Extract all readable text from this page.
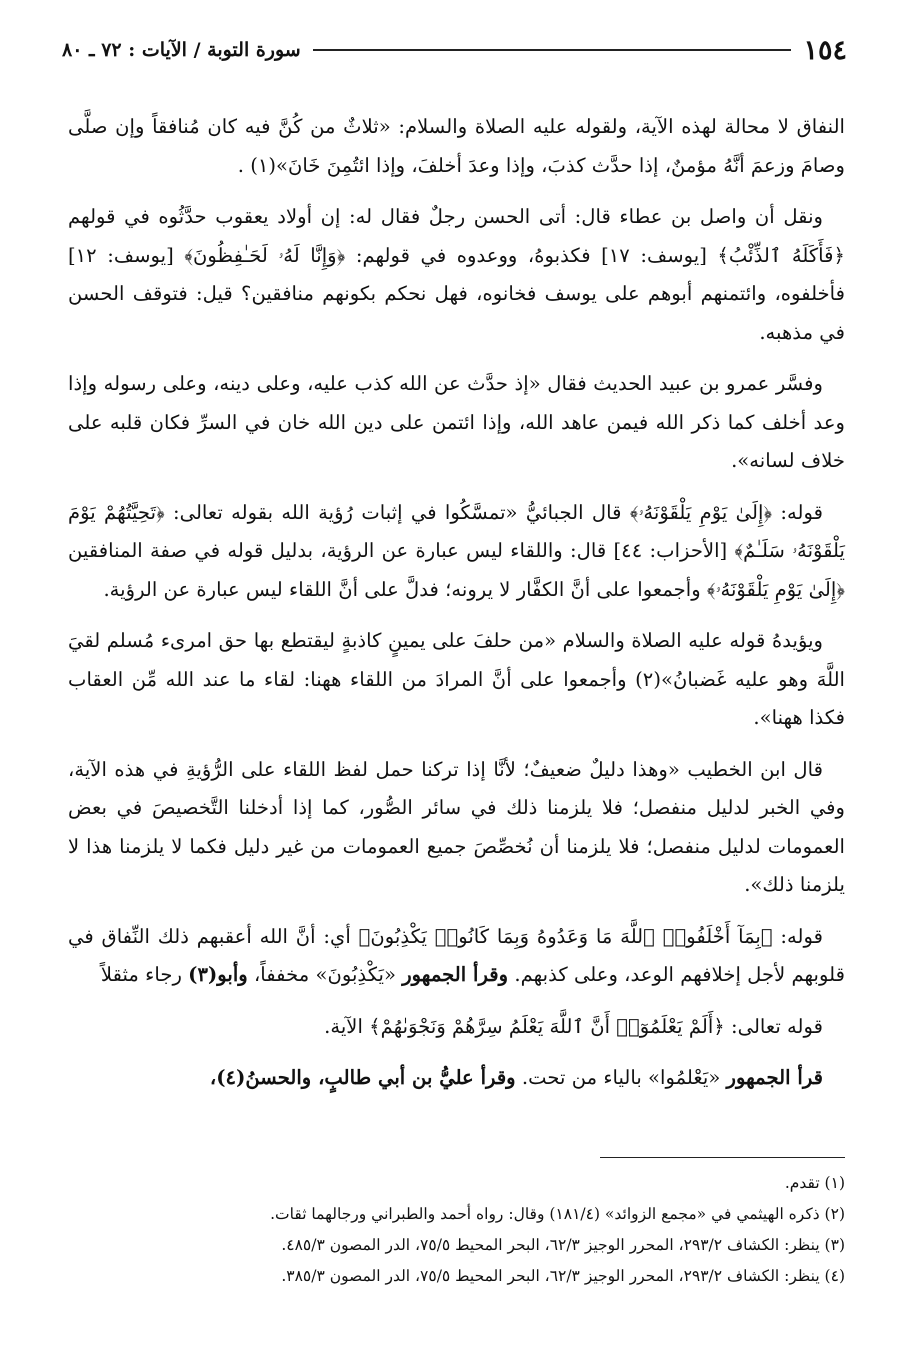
١٥٤
سورة التوبة / الآيات : ٧٢ ـ ٨٠

النفاق لا محالة لهذه الآية، ولقوله عليه الصلاة والسلام: «ثلاثٌ من كُنَّ فيه كان مُنافقاً وإن صلَّى وصامَ وزعمَ أنَّهُ مؤمنٌ، إذا حدَّث كذبَ، وإذا وعدَ أخلفَ، وإذا ائتُمِنَ خَانَ»(١) .

ونقل أن واصل بن عطاء قال: أتى الحسن رجلٌ فقال له: إن أولاد يعقوب حدَّثُوه في قولهم ﴿فَأَكَلَهُ ٱلذِّئْبُ﴾ [يوسف: ١٧] فكذبوهُ، ووعدوه في قولهم: ﴿وَإِنَّا لَهُۥ لَحَـٰفِظُونَ﴾ [يوسف: ١٢] فأخلفوه، وائتمنهم أبوهم على يوسف فخانوه، فهل نحكم بكونهم منافقين؟ قيل: فتوقف الحسن في مذهبه.

وفسَّر عمرو بن عبيد الحديث فقال «إذ حدَّث عن الله كذب عليه، وعلى دينه، وعلى رسوله وإذا وعد أخلف كما ذكر الله فيمن عاهد الله، وإذا ائتمن على دين الله خان في السرِّ فكان قلبه على خلاف لسانه».

قوله: ﴿إِلَىٰ يَوْمِ يَلْقَوْنَهُۥ﴾ قال الجبائيُّ «تمسَّكُوا في إثبات رُؤية الله بقوله تعالى: ﴿تَحِيَّتُهُمْ يَوْمَ يَلْقَوْنَهُۥ سَلَـٰمٌ﴾ [الأحزاب: ٤٤] قال: واللقاء ليس عبارة عن الرؤية، بدليل قوله في صفة المنافقين ﴿إِلَىٰ يَوْمِ يَلْقَوْنَهُۥ﴾ وأجمعوا على أنَّ الكفَّار لا يرونه؛ فدلَّ على أنَّ اللقاء ليس عبارة عن الرؤية.

ويؤيدهُ قوله عليه الصلاة والسلام «من حلفَ على يمينٍ كاذبةٍ ليقتطع بها حق امرىء مُسلم لقيَ اللَّهَ وهو عليه غَضبانُ»(٢) وأجمعوا على أنَّ المرادَ من اللقاء ههنا: لقاء ما عند الله مِّن العقاب فكذا ههنا».

قال ابن الخطيب «وهذا دليلٌ ضعيفٌ؛ لأنَّا إذا تركنا حمل لفظ اللقاء على الرُّؤيةِ في هذه الآية، وفي الخبر لدليل منفصل؛ فلا يلزمنا ذلك في سائر الصُّور، كما إذا أدخلنا التَّخصيصَ في بعض العمومات لدليل منفصل؛ فلا يلزمنا أن نُخصِّصَ جميع العمومات من غير دليل فكما لا يلزمنا هذا لا يلزمنا ذلك».

قوله: ﴿بِمَآ أَخْلَفُوا۟ ٱللَّهَ مَا وَعَدُوهُ وَبِمَا كَانُوا۟ يَكْذِبُونَ﴾ أي: أنَّ الله أعقبهم ذلك النِّفاق في قلوبهم لأجل إخلافهم الوعد، وعلى كذبهم. وقرأ الجمهور «يَكْذِبُونَ» مخففاً، وأبو(٣) رجاء مثقلاً

قوله تعالى: ﴿أَلَمْ يَعْلَمُوٓا۟ أَنَّ ٱللَّهَ يَعْلَمُ سِرَّهُمْ وَنَجْوَىٰهُمْ﴾ الآية.

قرأ الجمهور «يَعْلمُوا» بالياء من تحت. وقرأ عليُّ بن أبي طالبٍ، والحسنُ(٤)،

(١) تقدم.
(٢) ذكره الهيثمي في «مجمع الزوائد» (١٨١/٤) وقال: رواه أحمد والطبراني ورجالهما ثقات.
(٣) ينظر: الكشاف ٢٩٣/٢، المحرر الوجيز ٦٢/٣، البحر المحيط ٧٥/٥، الدر المصون ٤٨٥/٣.
(٤) ينظر: الكشاف ٢٩٣/٢، المحرر الوجيز ٦٢/٣، البحر المحيط ٧٥/٥، الدر المصون ٣٨٥/٣.
